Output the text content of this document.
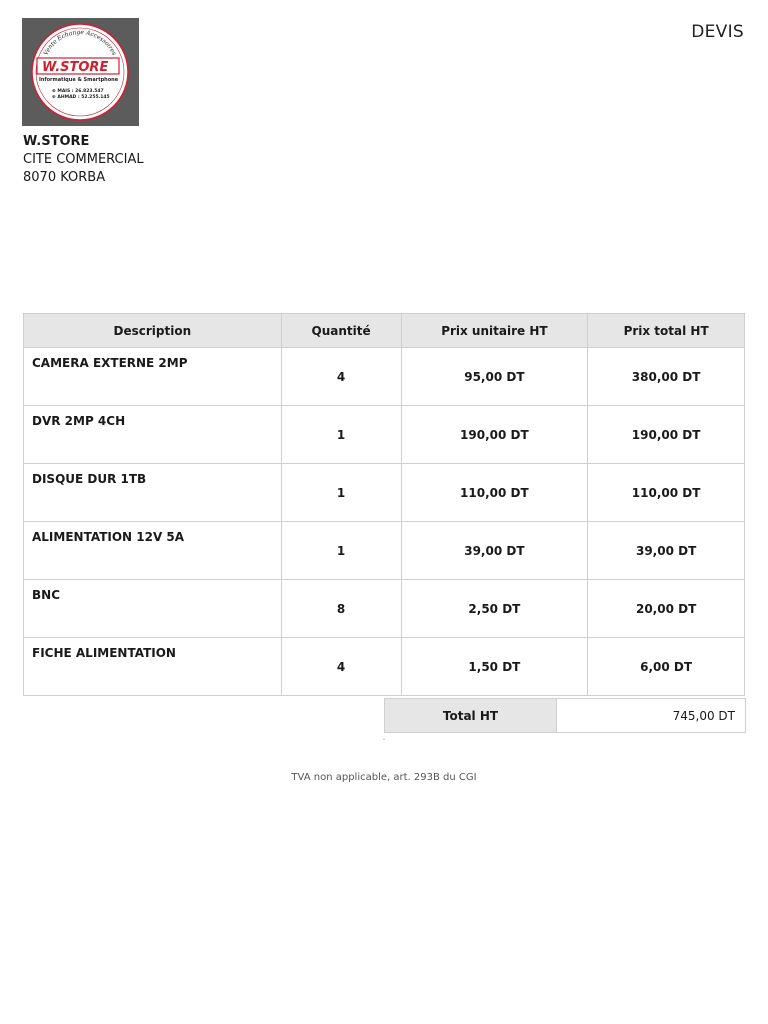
DEVIS
Vente Echange Accessoires
W.STORE
Informatique & Smartphone
⊕ MAIS : 26.823.547
⊕ AHMAD : 52.255.145
W.STORE
CITE COMMERCIAL
8070 KORBA
Description	Quantité	Prix unitaire HT	Prix total HT
CAMERA EXTERNE 2MP	4	95,00 DT	380,00 DT
DVR 2MP 4CH	1	190,00 DT	190,00 DT
DISQUE DUR 1TB	1	110,00 DT	110,00 DT
ALIMENTATION 12V 5A	1	39,00 DT	39,00 DT
BNC	8	2,50 DT	20,00 DT
FICHE ALIMENTATION	4	1,50 DT	6,00 DT
Total HT	745,00 DT
TVA non applicable, art. 293B du CGI
